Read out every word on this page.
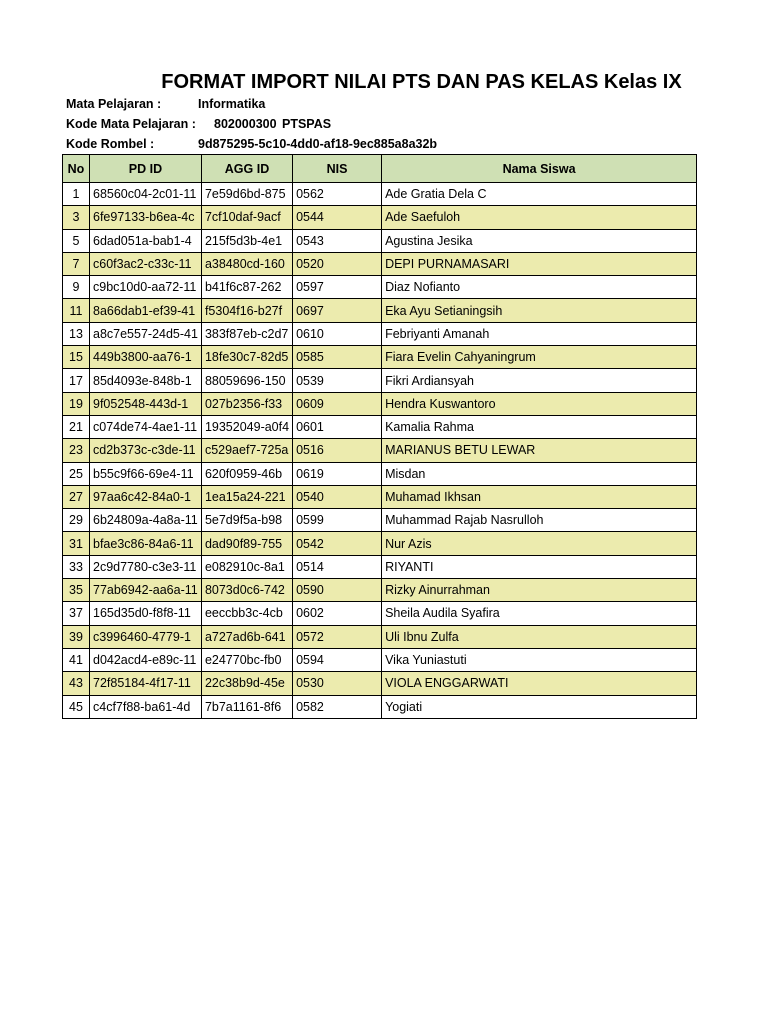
FORMAT IMPORT NILAI PTS DAN PAS KELAS Kelas IX
Mata Pelajaran :	Informatika
Kode Mata Pelajaran : 802000300 PTSPAS
Kode Rombel :	9d875295-5c10-4dd0-af18-9ec885a8a32b
No	PD ID	AGG ID	NIS	Nama Siswa
1	68560c04-2c01-11	7e59d6bd-875	0562	Ade Gratia Dela C
3	6fe97133-b6ea-4c	7cf10daf-9acf	0544	Ade Saefuloh
5	6dad051a-bab1-4	215f5d3b-4e1	0543	Agustina Jesika
7	c60f3ac2-c33c-11	a38480cd-160	0520	DEPI PURNAMASARI
9	c9bc10d0-aa72-11	b41f6c87-262	0597	Diaz Nofianto
11	8a66dab1-ef39-41	f5304f16-b27f	0697	Eka Ayu Setianingsih
13	a8c7e557-24d5-41	383f87eb-c2d7	0610	Febriyanti Amanah
15	449b3800-aa76-1	18fe30c7-82d5	0585	Fiara Evelin Cahyaningrum
17	85d4093e-848b-1	88059696-150	0539	Fikri Ardiansyah
19	9f052548-443d-1	027b2356-f33	0609	Hendra Kuswantoro
21	c074de74-4ae1-11	19352049-a0f4	0601	Kamalia Rahma
23	cd2b373c-c3de-11	c529aef7-725a	0516	MARIANUS BETU LEWAR
25	b55c9f66-69e4-11	620f0959-46b	0619	Misdan
27	97aa6c42-84a0-1	1ea15a24-221	0540	Muhamad Ikhsan
29	6b24809a-4a8a-11	5e7d9f5a-b98	0599	Muhammad Rajab Nasrulloh
31	bfae3c86-84a6-11	dad90f89-755	0542	Nur Azis
33	2c9d7780-c3e3-11	e082910c-8a1	0514	RIYANTI
35	77ab6942-aa6a-11	8073d0c6-742	0590	Rizky Ainurrahman
37	165d35d0-f8f8-11	eeccbb3c-4cb	0602	Sheila Audila Syafira
39	c3996460-4779-1	a727ad6b-641	0572	Uli Ibnu Zulfa
41	d042acd4-e89c-11	e24770bc-fb0	0594	Vika Yuniastuti
43	72f85184-4f17-11	22c38b9d-45e	0530	VIOLA ENGGARWATI
45	c4cf7f88-ba61-4d	7b7a1161-8f6	0582	Yogiati
